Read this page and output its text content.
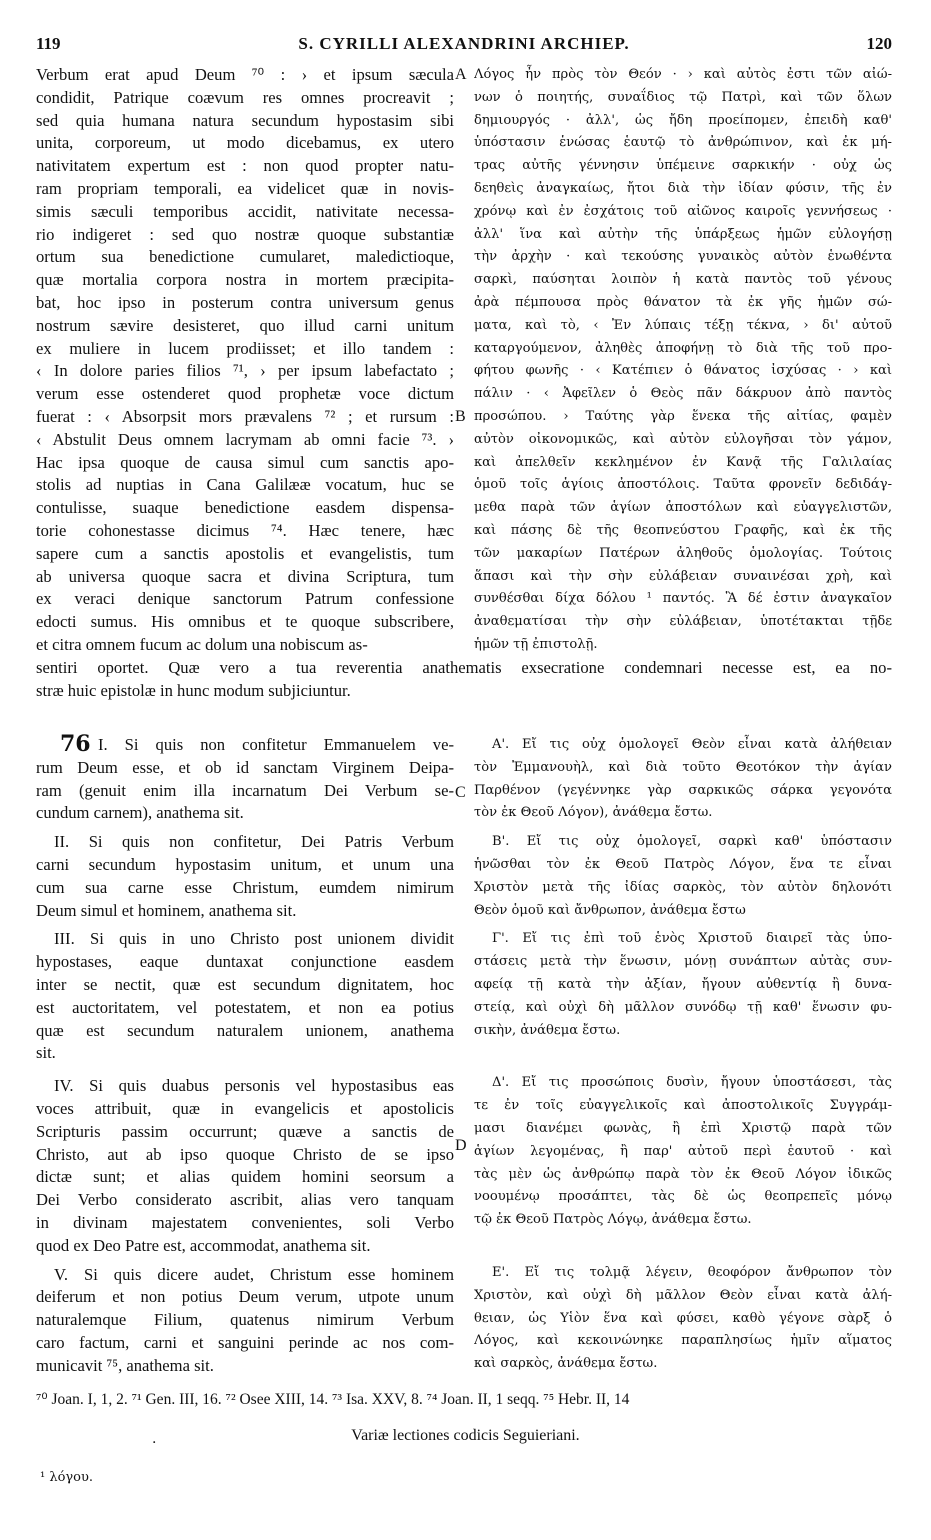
119	S. CYRILLI ALEXANDRINI ARCHIEP.	120
A
B
C
D
Verbum erat apud Deum ⁷⁰ : › et ipsum sæcula
condidit, Patrique coævum res omnes procreavit ;
sed quia humana natura secundum hypostasim sibi
unita, corporeum, ut modo dicebamus, ex utero
nativitatem expertum est : non quod propter natu-
ram propriam temporali, ea videlicet quæ in novis-
simis sæculi temporibus accidit, nativitate necessa-
rio indigeret : sed quo nostræ quoque substantiæ
ortum sua benedictione cumularet, maledictioque,
quæ mortalia corpora nostra in mortem præcipita-
bat, hoc ipso in posterum contra universum genus
nostrum sævire desisteret, quo illud carni unitum
ex muliere in lucem prodiisset; et illo tandem :
‹ In dolore paries filios ⁷¹, › per ipsum labefactato ;
verum esse ostenderet quod prophetæ voce dictum
fuerat : ‹ Absorpsit mors prævalens ⁷² ; et rursum :
‹ Abstulit Deus omnem lacrymam ab omni facie ⁷³. ›
Hac ipsa quoque de causa simul cum sanctis apo-
stolis ad nuptias in Cana Galilææ vocatum, huc se
contulisse, suaque benedictione easdem dispensa-
torie cohonestasse dicimus ⁷⁴. Hæc tenere, hæc
sapere cum a sanctis apostolis et evangelistis, tum
ab universa quoque sacra et divina Scriptura, tum
ex veraci denique sanctorum Patrum confessione
edocti sumus. His omnibus et te quoque subscribere,
et citra omnem fucum ac dolum una nobiscum as-
Λόγος ἦν πρὸς τὸν Θεόν · › καὶ αὐτὸς ἐστι τῶν αἰώ-
νων ὁ ποιητής, συναΐδιος τῷ Πατρὶ, καὶ τῶν ὅλων
δημιουργός · ἀλλ', ὡς ἤδη προείπομεν, ἐπειδὴ καθ'
ὑπόστασιν ἑνώσας ἑαυτῷ τὸ ἀνθρώπινον, καὶ ἐκ μή-
τρας αὐτῆς γέννησιν ὑπέμεινε σαρκικήν · οὐχ ὡς
δεηθεὶς ἀναγκαίως, ἤτοι διὰ τὴν ἰδίαν φύσιν, τῆς ἐν
χρόνῳ καὶ ἐν ἐσχάτοις τοῦ αἰῶνος καιροῖς γεννήσεως ·
ἀλλ' ἵνα καὶ αὐτὴν τῆς ὑπάρξεως ἡμῶν εὐλογήσῃ
τὴν ἀρχὴν · καὶ τεκούσης γυναικὸς αὐτὸν ἑνωθέντα
σαρκὶ, παύσηται λοιπὸν ἡ κατὰ παντὸς τοῦ γένους
ἀρὰ πέμπουσα πρὸς θάνατον τὰ ἐκ γῆς ἡμῶν σώ-
ματα, καὶ τὸ, ‹ Ἐν λύπαις τέξῃ τέκνα, › δι' αὐτοῦ
καταργούμενον, ἀληθὲς ἀποφήνῃ τὸ διὰ τῆς τοῦ προ-
φήτου φωνῆς · ‹ Κατέπιεν ὁ θάνατος ἰσχύσας · › καὶ
πάλιν · ‹ Ἀφεῖλεν ὁ Θεὸς πᾶν δάκρυον ἀπὸ παντὸς
προσώπου. › Ταύτης γὰρ ἕνεκα τῆς αἰτίας, φαμὲν
αὐτὸν οἰκονομικῶς, καὶ αὐτὸν εὐλογῆσαι τὸν γάμον,
καὶ ἀπελθεῖν κεκλημένον ἐν Κανᾷ τῆς Γαλιλαίας
ὁμοῦ τοῖς ἁγίοις ἀποστόλοις. Ταῦτα φρονεῖν δεδιδάγ-
μεθα παρὰ τῶν ἁγίων ἀποστόλων καὶ εὐαγγελιστῶν,
καὶ πάσης δὲ τῆς θεοπνεύστου Γραφῆς, καὶ ἐκ τῆς
τῶν μακαρίων Πατέρων ἀληθοῦς ὁμολογίας. Τούτοις
ἅπασι καὶ τὴν σὴν εὐλάβειαν συναινέσαι χρὴ, καὶ
συνθέσθαι δίχα δόλου ¹ παντός. Ἃ δέ ἐστιν ἀναγκαῖον
ἀναθεματίσαι τὴν σὴν εὐλάβειαν, ὑποτέτακται τῇδε
ἡμῶν τῇ ἐπιστολῇ.
sentiri oportet. Quæ vero a tua reverentia anathematis exsecratione condemnari necesse est, ea no-
stræ huic epistolæ in hunc modum subjiciuntur.
76 I. Si quis non confitetur Emmanuelem ve-
rum Deum esse, et ob id sanctam Virginem Deipa-
ram (genuit enim illa incarnatum Dei Verbum se-
cundum carnem), anathema sit.
II. Si quis non confitetur, Dei Patris Verbum
carni secundum hypostasim unitum, et unum una
cum sua carne esse Christum, eumdem nimirum
Deum simul et hominem, anathema sit.
III. Si quis in uno Christo post unionem dividit
hypostases, eaque duntaxat conjunctione easdem
inter se nectit, quæ est secundum dignitatem, hoc
est auctoritatem, vel potestatem, et non ea potius
quæ est secundum naturalem unionem, anathema
sit.
IV. Si quis duabus personis vel hypostasibus eas
voces attribuit, quæ in evangelicis et apostolicis
Scripturis passim occurrunt; quæve a sanctis de
Christo, aut ab ipso quoque Christo de se ipso
dictæ sunt; et alias quidem homini seorsum a
Dei Verbo considerato ascribit, alias vero tanquam
in divinam majestatem convenientes, soli Verbo
quod ex Deo Patre est, accommodat, anathema sit.
V. Si quis dicere audet, Christum esse hominem
deiferum et non potius Deum verum, utpote unum
naturalemque Filium, quatenus nimirum Verbum
caro factum, carni et sanguini perinde ac nos com-
municavit ⁷⁵, anathema sit.
Α'. Εἴ τις οὐχ ὁμολογεῖ Θεὸν εἶναι κατὰ ἀλήθειαν
τὸν Ἐμμανουὴλ, καὶ διὰ τοῦτο Θεοτόκον τὴν ἁγίαν
Παρθένον (γεγέννηκε γὰρ σαρκικῶς σάρκα γεγονότα
τὸν ἐκ Θεοῦ Λόγον), ἀνάθεμα ἔστω.
Β'. Εἴ τις οὐχ ὁμολογεῖ, σαρκὶ καθ' ὑπόστασιν
ἡνῶσθαι τὸν ἐκ Θεοῦ Πατρὸς Λόγον, ἕνα τε εἶναι
Χριστὸν μετὰ τῆς ἰδίας σαρκὸς, τὸν αὐτὸν δηλονότι
Θεὸν ὁμοῦ καὶ ἄνθρωπον, ἀνάθεμα ἔστω
Γ'. Εἴ τις ἐπὶ τοῦ ἑνὸς Χριστοῦ διαιρεῖ τὰς ὑπο-
στάσεις μετὰ τὴν ἕνωσιν, μόνῃ συνάπτων αὐτὰς συν-
αφείᾳ τῇ κατὰ τὴν ἀξίαν, ἤγουν αὐθεντίᾳ ἢ δυνα-
στείᾳ, καὶ οὐχὶ δὴ μᾶλλον συνόδῳ τῇ καθ' ἕνωσιν φυ-
σικὴν, ἀνάθεμα ἔστω.
Δ'. Εἴ τις προσώποις δυσὶν, ἤγουν ὑποστάσεσι, τὰς
τε ἐν τοῖς εὐαγγελικοῖς καὶ ἀποστολικοῖς Συγγράμ-
μασι διανέμει φωνὰς, ἢ ἐπὶ Χριστῷ παρὰ τῶν
ἁγίων λεγομένας, ἢ παρ' αὐτοῦ περὶ ἑαυτοῦ · καὶ
τὰς μὲν ὡς ἀνθρώπῳ παρὰ τὸν ἐκ Θεοῦ Λόγον ἰδικῶς
νοουμένῳ προσάπτει, τὰς δὲ ὡς θεοπρεπεῖς μόνῳ
τῷ ἐκ Θεοῦ Πατρὸς Λόγῳ, ἀνάθεμα ἔστω.
Ε'. Εἴ τις τολμᾷ λέγειν, θεοφόρον ἄνθρωπον τὸν
Χριστὸν, καὶ οὐχὶ δὴ μᾶλλον Θεὸν εἶναι κατὰ ἀλή-
θειαν, ὡς Υἱὸν ἕνα καὶ φύσει, καθὸ γέγονε σὰρξ ὁ
Λόγος, καὶ κεκοινώνηκε παραπλησίως ἡμῖν αἵματος
καὶ σαρκὸς, ἀνάθεμα ἔστω.
⁷⁰ Joan. I, 1, 2. ⁷¹ Gen. III, 16. ⁷² Osee XIII, 14. ⁷³ Isa. XXV, 8. ⁷⁴ Joan. II, 1 seqq. ⁷⁵ Hebr. II, 14
·	Variæ lectiones codicis Seguieriani.
¹ λόγου.
